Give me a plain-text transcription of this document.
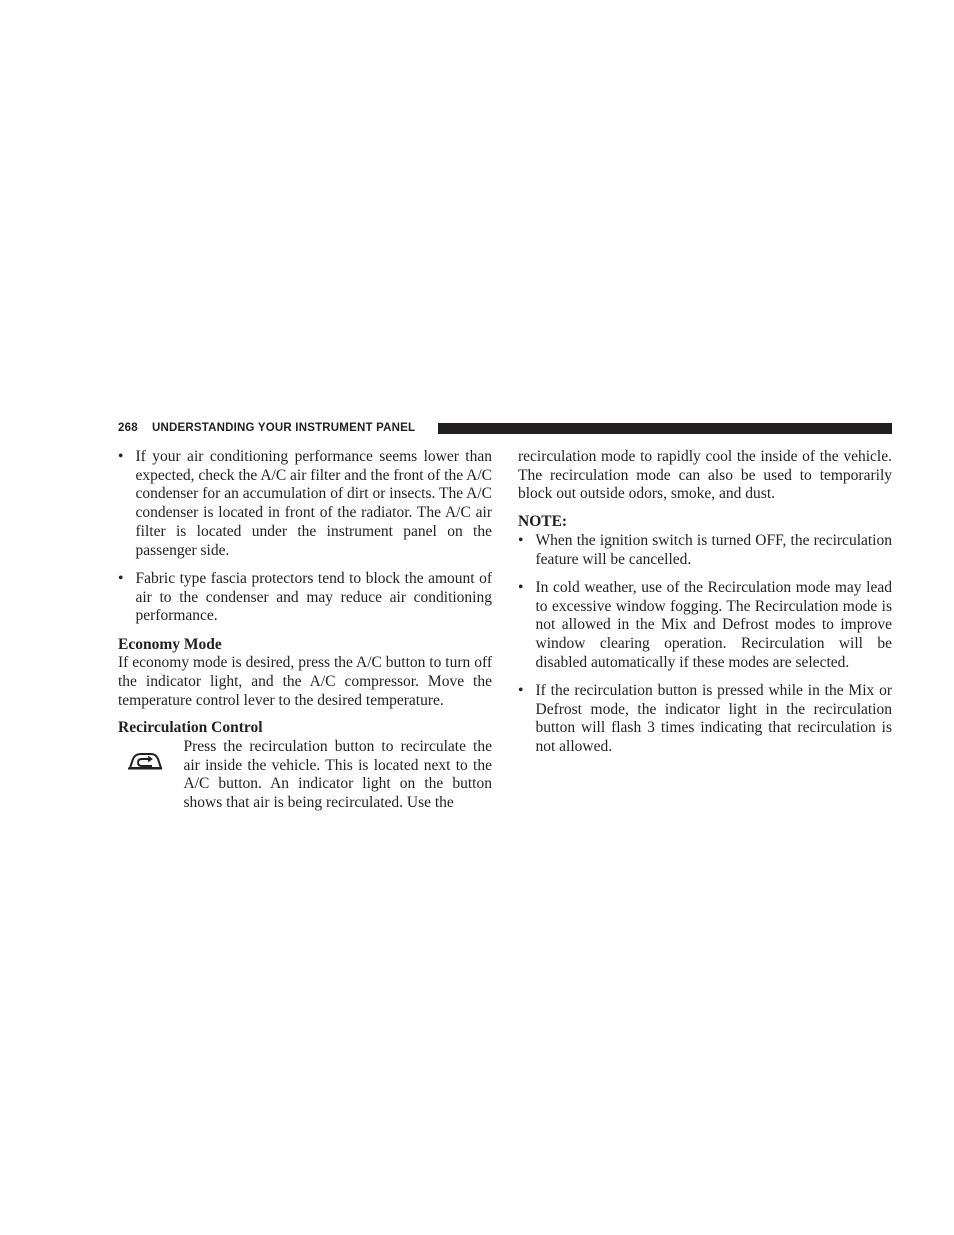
268 UNDERSTANDING YOUR INSTRUMENT PANEL
• If your air conditioning performance seems lower than expected, check the A/C air filter and the front of the A/C condenser for an accumulation of dirt or insects. The A/C condenser is located in front of the radiator. The A/C air filter is located under the instrument panel on the passenger side.
• Fabric type fascia protectors tend to block the amount of air to the condenser and may reduce air conditioning performance.

Economy Mode

If economy mode is desired, press the A/C button to turn off the indicator light, and the A/C compressor. Move the temperature control lever to the desired temperature.

Recirculation Control

Press the recirculation button to recirculate the air inside the vehicle. This is located next to the A/C button. An indicator light on the button shows that air is being recirculated. Use the

recirculation mode to rapidly cool the inside of the vehicle. The recirculation mode can also be used to temporarily block out outside odors, smoke, and dust.

NOTE:

• When the ignition switch is turned OFF, the recirculation feature will be cancelled.
• In cold weather, use of the Recirculation mode may lead to excessive window fogging. The Recirculation mode is not allowed in the Mix and Defrost modes to improve window clearing operation. Recirculation will be disabled automatically if these modes are selected.
• If the recirculation button is pressed while in the Mix or Defrost mode, the indicator light in the recirculation button will flash 3 times indicating that recirculation is not allowed.
